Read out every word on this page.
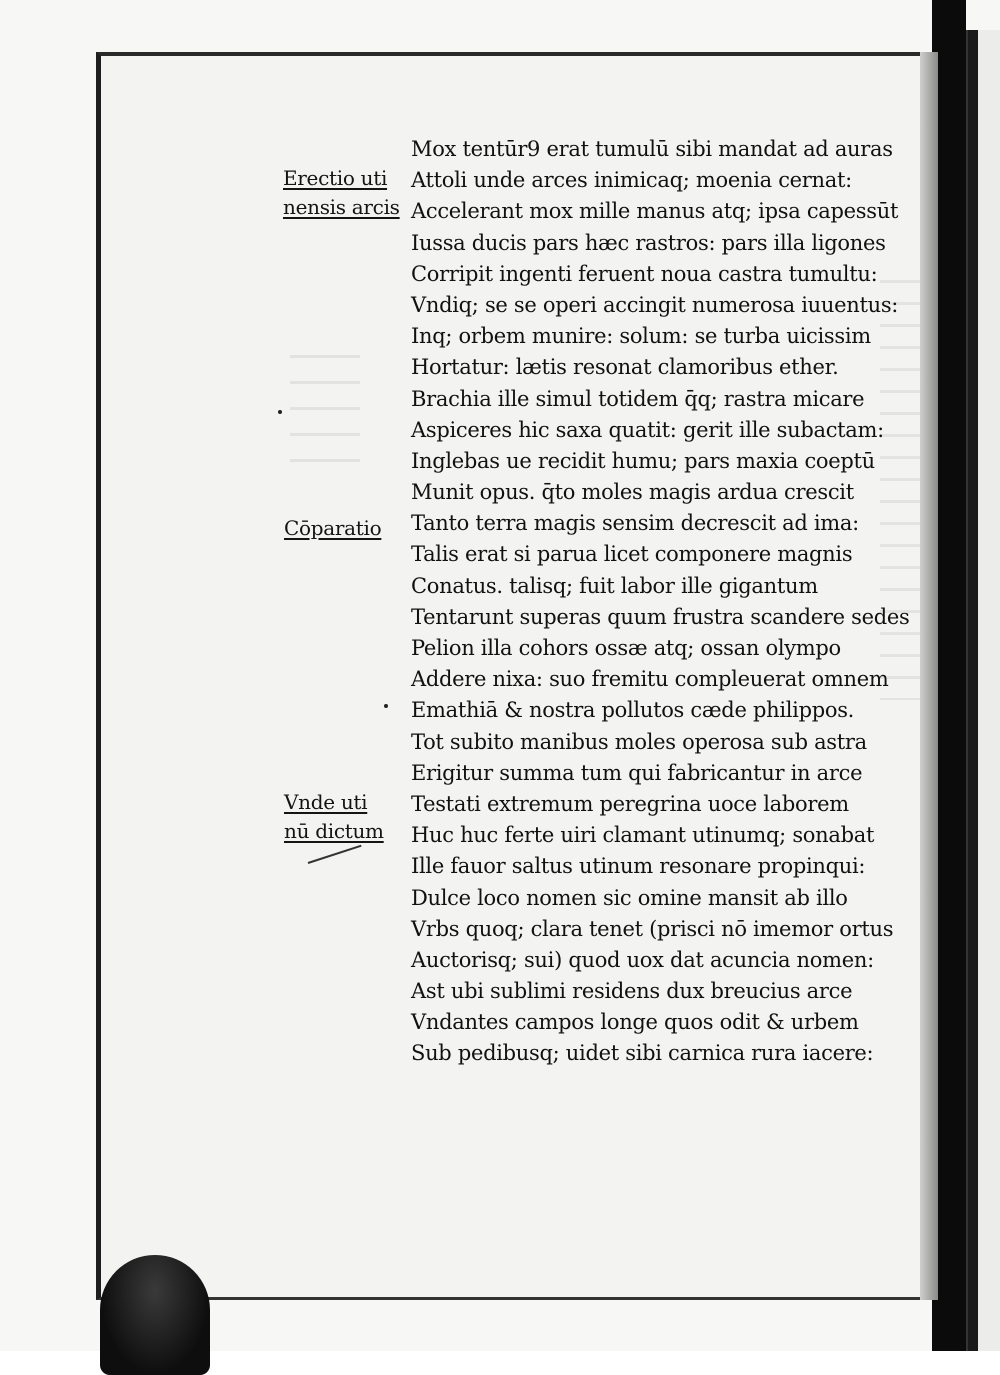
Mox tentūr9 erat tumulū sibi mandat ad auras
Attoli unde arces inimicaq; moenia cernat:
Accelerant mox mille manus atq; ipsa capessūt
Iussa ducis pars hæc rastros: pars illa ligones
Corripit ingenti feruent noua castra tumultu:
Vndiq; se se operi accingit numerosa iuuentus:
Inq; orbem munire: solum: se turba uicissim
Hortatur: lætis resonat clamoribus ether.
Brachia ille simul totidem q̄q; rastra micare
Aspiceres hic saxa quatit: gerit ille subactam:
Inglebas ue recidit humu; pars maxia coeptū
Munit opus. q̄to moles magis ardua crescit
Tanto terra magis sensim decrescit ad ima:
Talis erat si parua licet componere magnis
Conatus. talisq; fuit labor ille gigantum
Tentarunt superas quum frustra scandere sedes
Pelion illa cohors ossæ atq; ossan olympo
Addere nixa: suo fremitu compleuerat omnem
Emathiā & nostra pollutos cæde philippos.
Tot subito manibus moles operosa sub astra
Erigitur summa tum qui fabricantur in arce
Testati extremum peregrina uoce laborem
Huc huc ferte uiri clamant utinumq; sonabat
Ille fauor saltus utinum resonare propinqui:
Dulce loco nomen sic omine mansit ab illo
Vrbs quoq; clara tenet (prisci nō imemor ortus
Auctorisq; sui) quod uox dat acuncia nomen:
Ast ubi sublimi residens dux breucius arce
Vndantes campos longe quos odit & urbem
Sub pedibusq; uidet sibi carnica rura iacere:
Erectio uti
nensis arcis
Cōparatio
Vnde uti
nū dictum
